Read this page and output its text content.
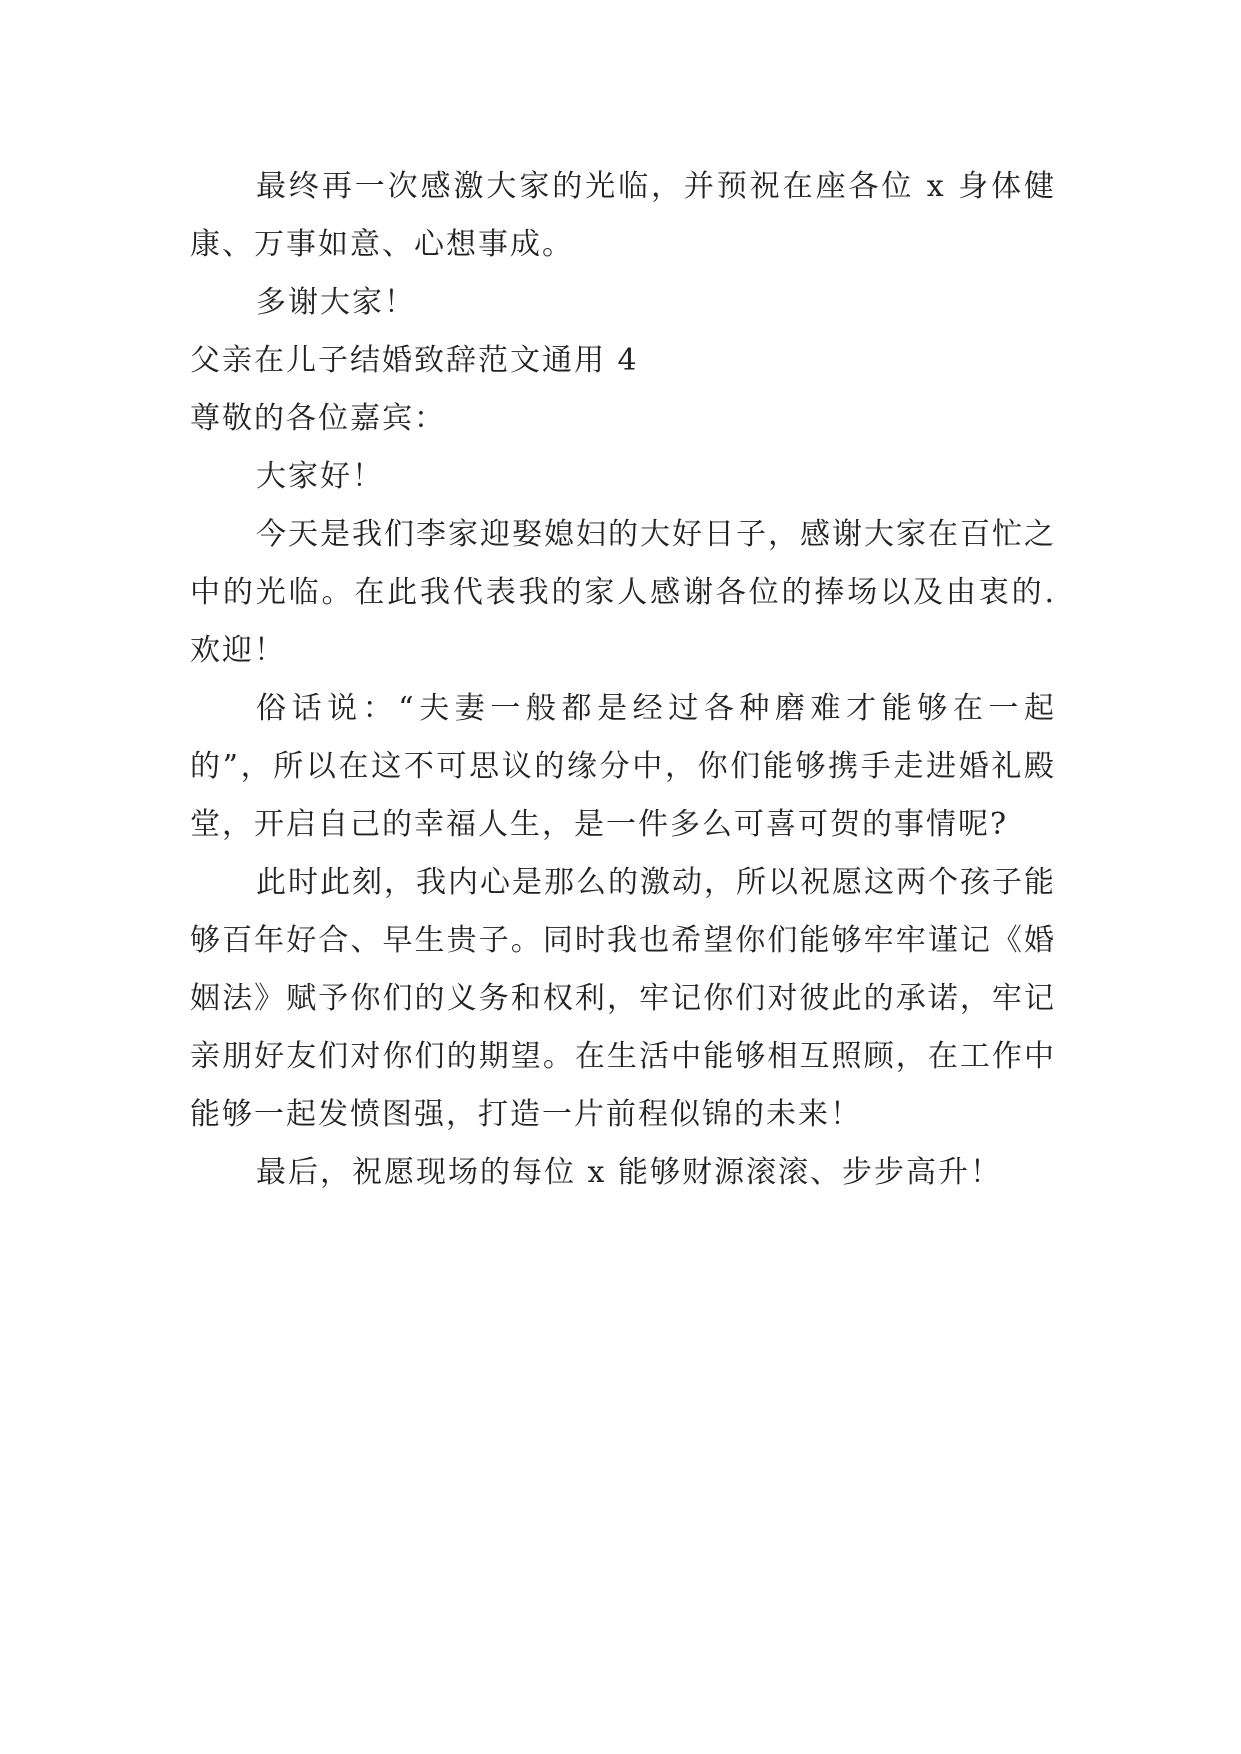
最终再一次感激大家的光临，并预祝在座各位 x 身体健康、万事如意、心想事成。

多谢大家！

父亲在儿子结婚致辞范文通用 4

尊敬的各位嘉宾：

大家好！

今天是我们李家迎娶媳妇的大好日子，感谢大家在百忙之中的光临。在此我代表我的家人感谢各位的捧场以及由衷的.欢迎！

俗话说：“夫妻一般都是经过各种磨难才能够在一起的”，所以在这不可思议的缘分中，你们能够携手走进婚礼殿堂，开启自己的幸福人生，是一件多么可喜可贺的事情呢?

此时此刻，我内心是那么的激动，所以祝愿这两个孩子能够百年好合、早生贵子。同时我也希望你们能够牢牢谨记《婚姻法》赋予你们的义务和权利，牢记你们对彼此的承诺，牢记亲朋好友们对你们的期望。在生活中能够相互照顾，在工作中能够一起发愤图强，打造一片前程似锦的未来！

最后，祝愿现场的每位 x 能够财源滚滚、步步高升！
